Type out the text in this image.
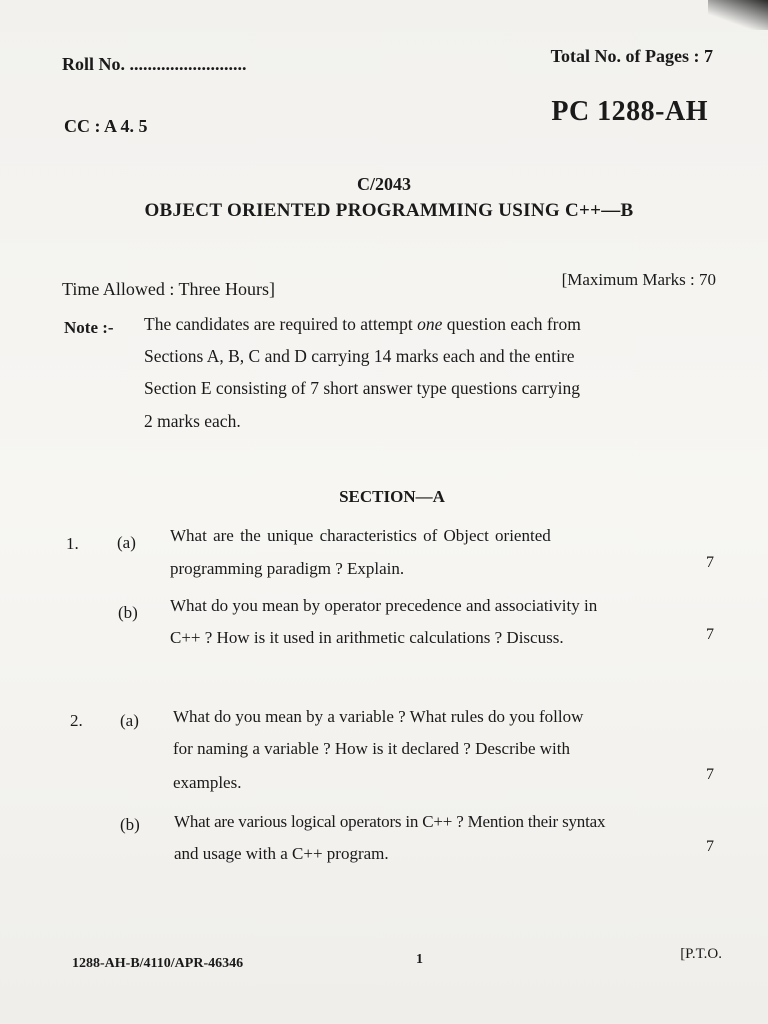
Roll No. ..........................	Total No. of Pages : 7
CC : A 4. 5	PC 1288-AH
C/2043
OBJECT ORIENTED PROGRAMMING USING C++—B
Time Allowed : Three Hours]	[Maximum Marks : 70
Note :- The candidates are required to attempt one question each from
Sections A, B, C and D carrying 14 marks each and the entire
Section E consisting of 7 short answer type questions carrying
2 marks each.
SECTION—A
1. (a) What are the unique characteristics of Object oriented
programming paradigm ? Explain.	7
(b) What do you mean by operator precedence and associativity in
C++ ? How is it used in arithmetic calculations ? Discuss.	7
2. (a) What do you mean by a variable ? What rules do you follow
for naming a variable ? How is it declared ? Describe with
examples.	7
(b) What are various logical operators in C++ ? Mention their syntax
and usage with a C++ program.	7
1288-AH-B/4110/APR-46346	1	[P.T.O.
